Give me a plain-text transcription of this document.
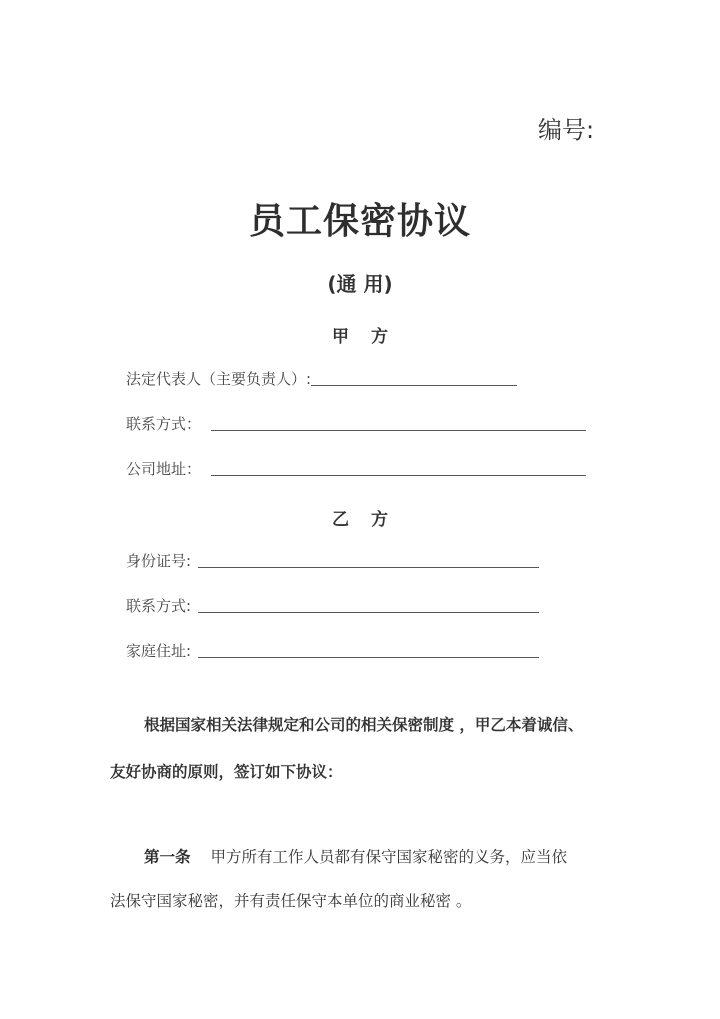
编号:
员工保密协议
(通 用)
甲方
法定代表人（主要负责人）:
联系方式：
公司地址：
乙方
身份证号:
联系方式:
家庭住址:
根据国家相关法律规定和公司的相关保密制度 ，甲乙本着诚信、
友好协商的原则，签订如下协议：
第一条 甲方所有工作人员都有保守国家秘密的义务，应当依
法保守国家秘密，并有责任保守本单位的商业秘密 。
